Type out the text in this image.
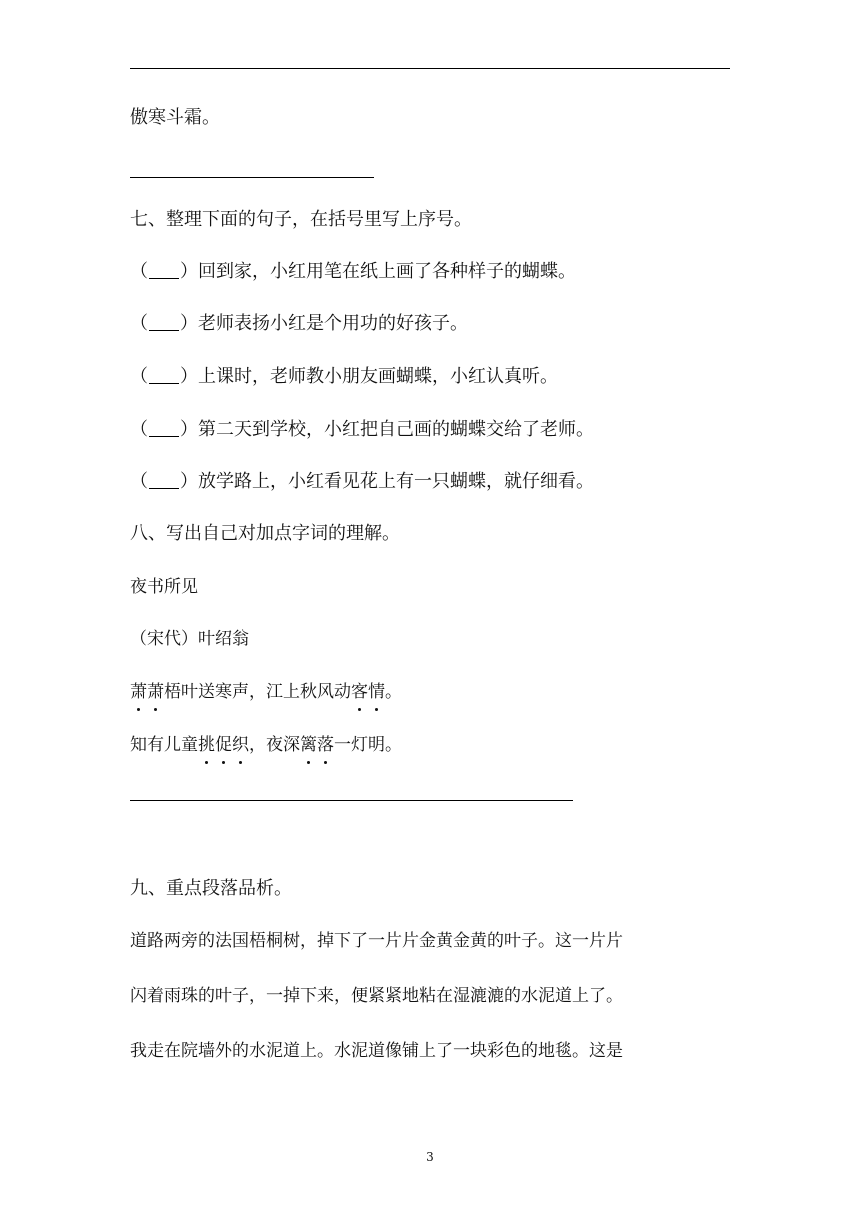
傲寒斗霜。
七、整理下面的句子，在括号里写上序号。
（ ）回到家，小红用笔在纸上画了各种样子的蝴蝶。
（ ）老师表扬小红是个用功的好孩子。
（ ）上课时，老师教小朋友画蝴蝶，小红认真听。
（ ）第二天到学校，小红把自己画的蝴蝶交给了老师。
（ ）放学路上，小红看见花上有一只蝴蝶，就仔细看。
八、写出自己对加点字词的理解。
夜书所见
（宋代）叶绍翁
萧萧梧叶送寒声，江上秋风动客情。
知有儿童挑促织，夜深篱落一灯明。
九、重点段落品析。
道路两旁的法国梧桐树，掉下了一片片金黄金黄的叶子。这一片片
闪着雨珠的叶子，一掉下来，便紧紧地粘在湿漉漉的水泥道上了。
我走在院墙外的水泥道上。水泥道像铺上了一块彩色的地毯。这是
3
